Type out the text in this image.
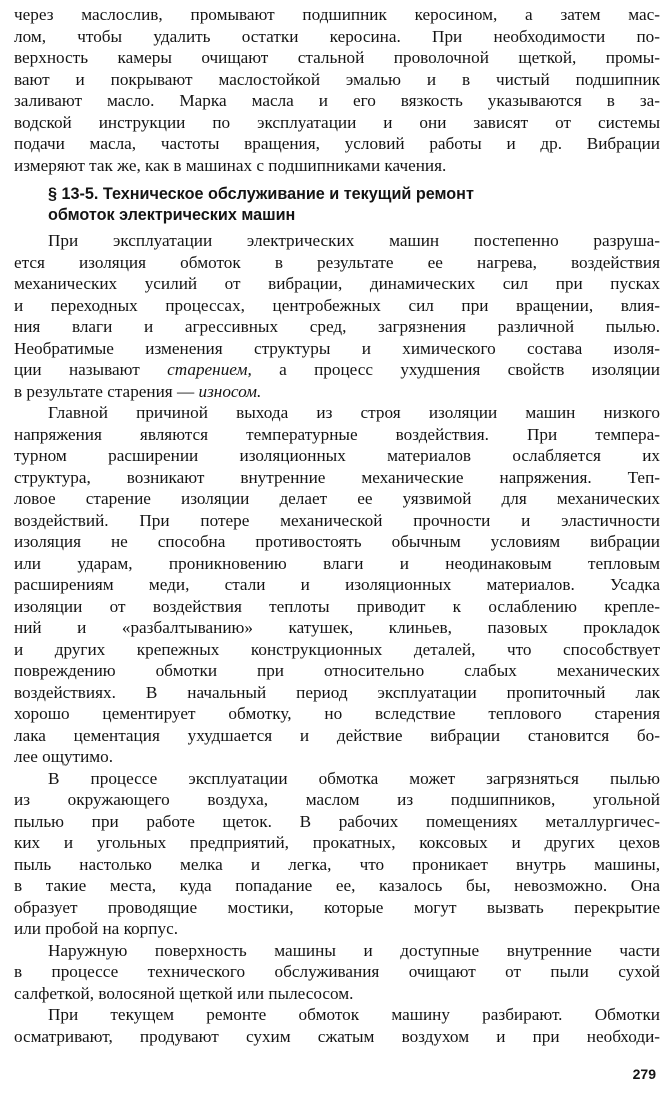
через маслослив, промывают подшипник керосином, а затем мас-
лом, чтобы удалить остатки керосина. При необходимости по-
верхность камеры очищают стальной проволочной щеткой, промы-
вают и покрывают маслостойкой эмалью и в чистый подшипник
заливают масло. Марка масла и его вязкость указываются в за-
водской инструкции по эксплуатации и они зависят от системы
подачи масла, частоты вращения, условий работы и др. Вибрации
измеряют так же, как в машинах с подшипниками качения.
§ 13-5. Техническое обслуживание и текущий ремонт
обмоток электрических машин
При эксплуатации электрических машин постепенно разруша-
ется изоляция обмоток в результате ее нагрева, воздействия
механических усилий от вибрации, динамических сил при пусках
и переходных процессах, центробежных сил при вращении, влия-
ния влаги и агрессивных сред, загрязнения различной пылью.
Необратимые изменения структуры и химического состава изоля-
ции называют старением, а процесс ухудшения свойств изоляции
в результате старения — износом.
Главной причиной выхода из строя изоляции машин низкого
напряжения являются температурные воздействия. При темпера-
турном расширении изоляционных материалов ослабляется их
структура, возникают внутренние механические напряжения. Теп-
ловое старение изоляции делает ее уязвимой для механических
воздействий. При потере механической прочности и эластичности
изоляция не способна противостоять обычным условиям вибрации
или ударам, проникновению влаги и неодинаковым тепловым
расширениям меди, стали и изоляционных материалов. Усадка
изоляции от воздействия теплоты приводит к ослаблению крепле-
ний и «разбалтыванию» катушек, клиньев, пазовых прокладок
и других крепежных конструкционных деталей, что способствует
повреждению обмотки при относительно слабых механических
воздействиях. В начальный период эксплуатации пропиточный лак
хорошо цементирует обмотку, но вследствие теплового старения
лака цементация ухудшается и действие вибрации становится бо-
лее ощутимо.
В процессе эксплуатации обмотка может загрязняться пылью
из окружающего воздуха, маслом из подшипников, угольной
пылью при работе щеток. В рабочих помещениях металлургичес-
ких и угольных предприятий, прокатных, коксовых и других цехов
пыль настолько мелка и легка, что проникает внутрь машины,
в такие места, куда попадание ее, казалось бы, невозможно. Она
образует проводящие мостики, которые могут вызвать перекрытие
или пробой на корпус.
Наружную поверхность машины и доступные внутренние части
в процессе технического обслуживания очищают от пыли сухой
салфеткой, волосяной щеткой или пылесосом.
При текущем ремонте обмоток машину разбирают. Обмотки
осматривают, продувают сухим сжатым воздухом и при необходи-
279
